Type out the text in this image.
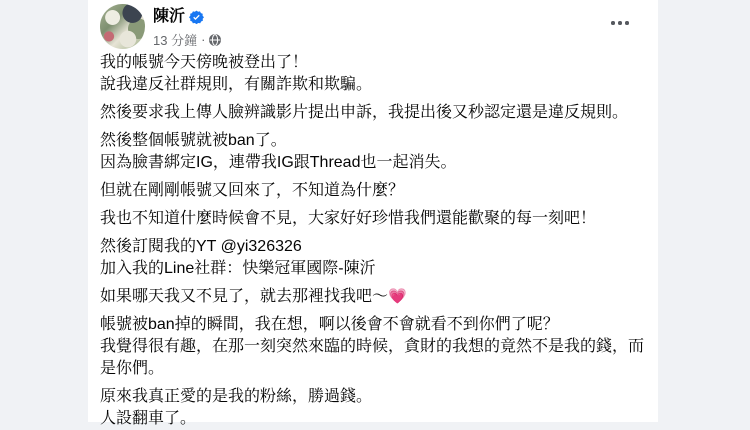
陳沂
13 分鐘 ·

我的帳號今天傍晚被登出了！
說我違反社群規則，有關詐欺和欺騙。

然後要求我上傳人臉辨識影片提出申訴，我提出後又秒認定還是違反規則。

然後整個帳號就被ban了。
因為臉書綁定IG，連帶我IG跟Thread也一起消失。

但就在剛剛帳號又回來了，不知道為什麼？

我也不知道什麼時候會不見，大家好好珍惜我們還能歡聚的每一刻吧！

然後訂閱我的YT @yi326326
加入我的Line社群：快樂冠軍國際-陳沂

如果哪天我又不見了，就去那裡找我吧～💗

帳號被ban掉的瞬間，我在想，啊以後會不會就看不到你們了呢？
我覺得很有趣，在那一刻突然來臨的時候，貪財的我想的竟然不是我的錢，而是你們。

原來我真正愛的是我的粉絲，勝過錢。
人設翻車了。
